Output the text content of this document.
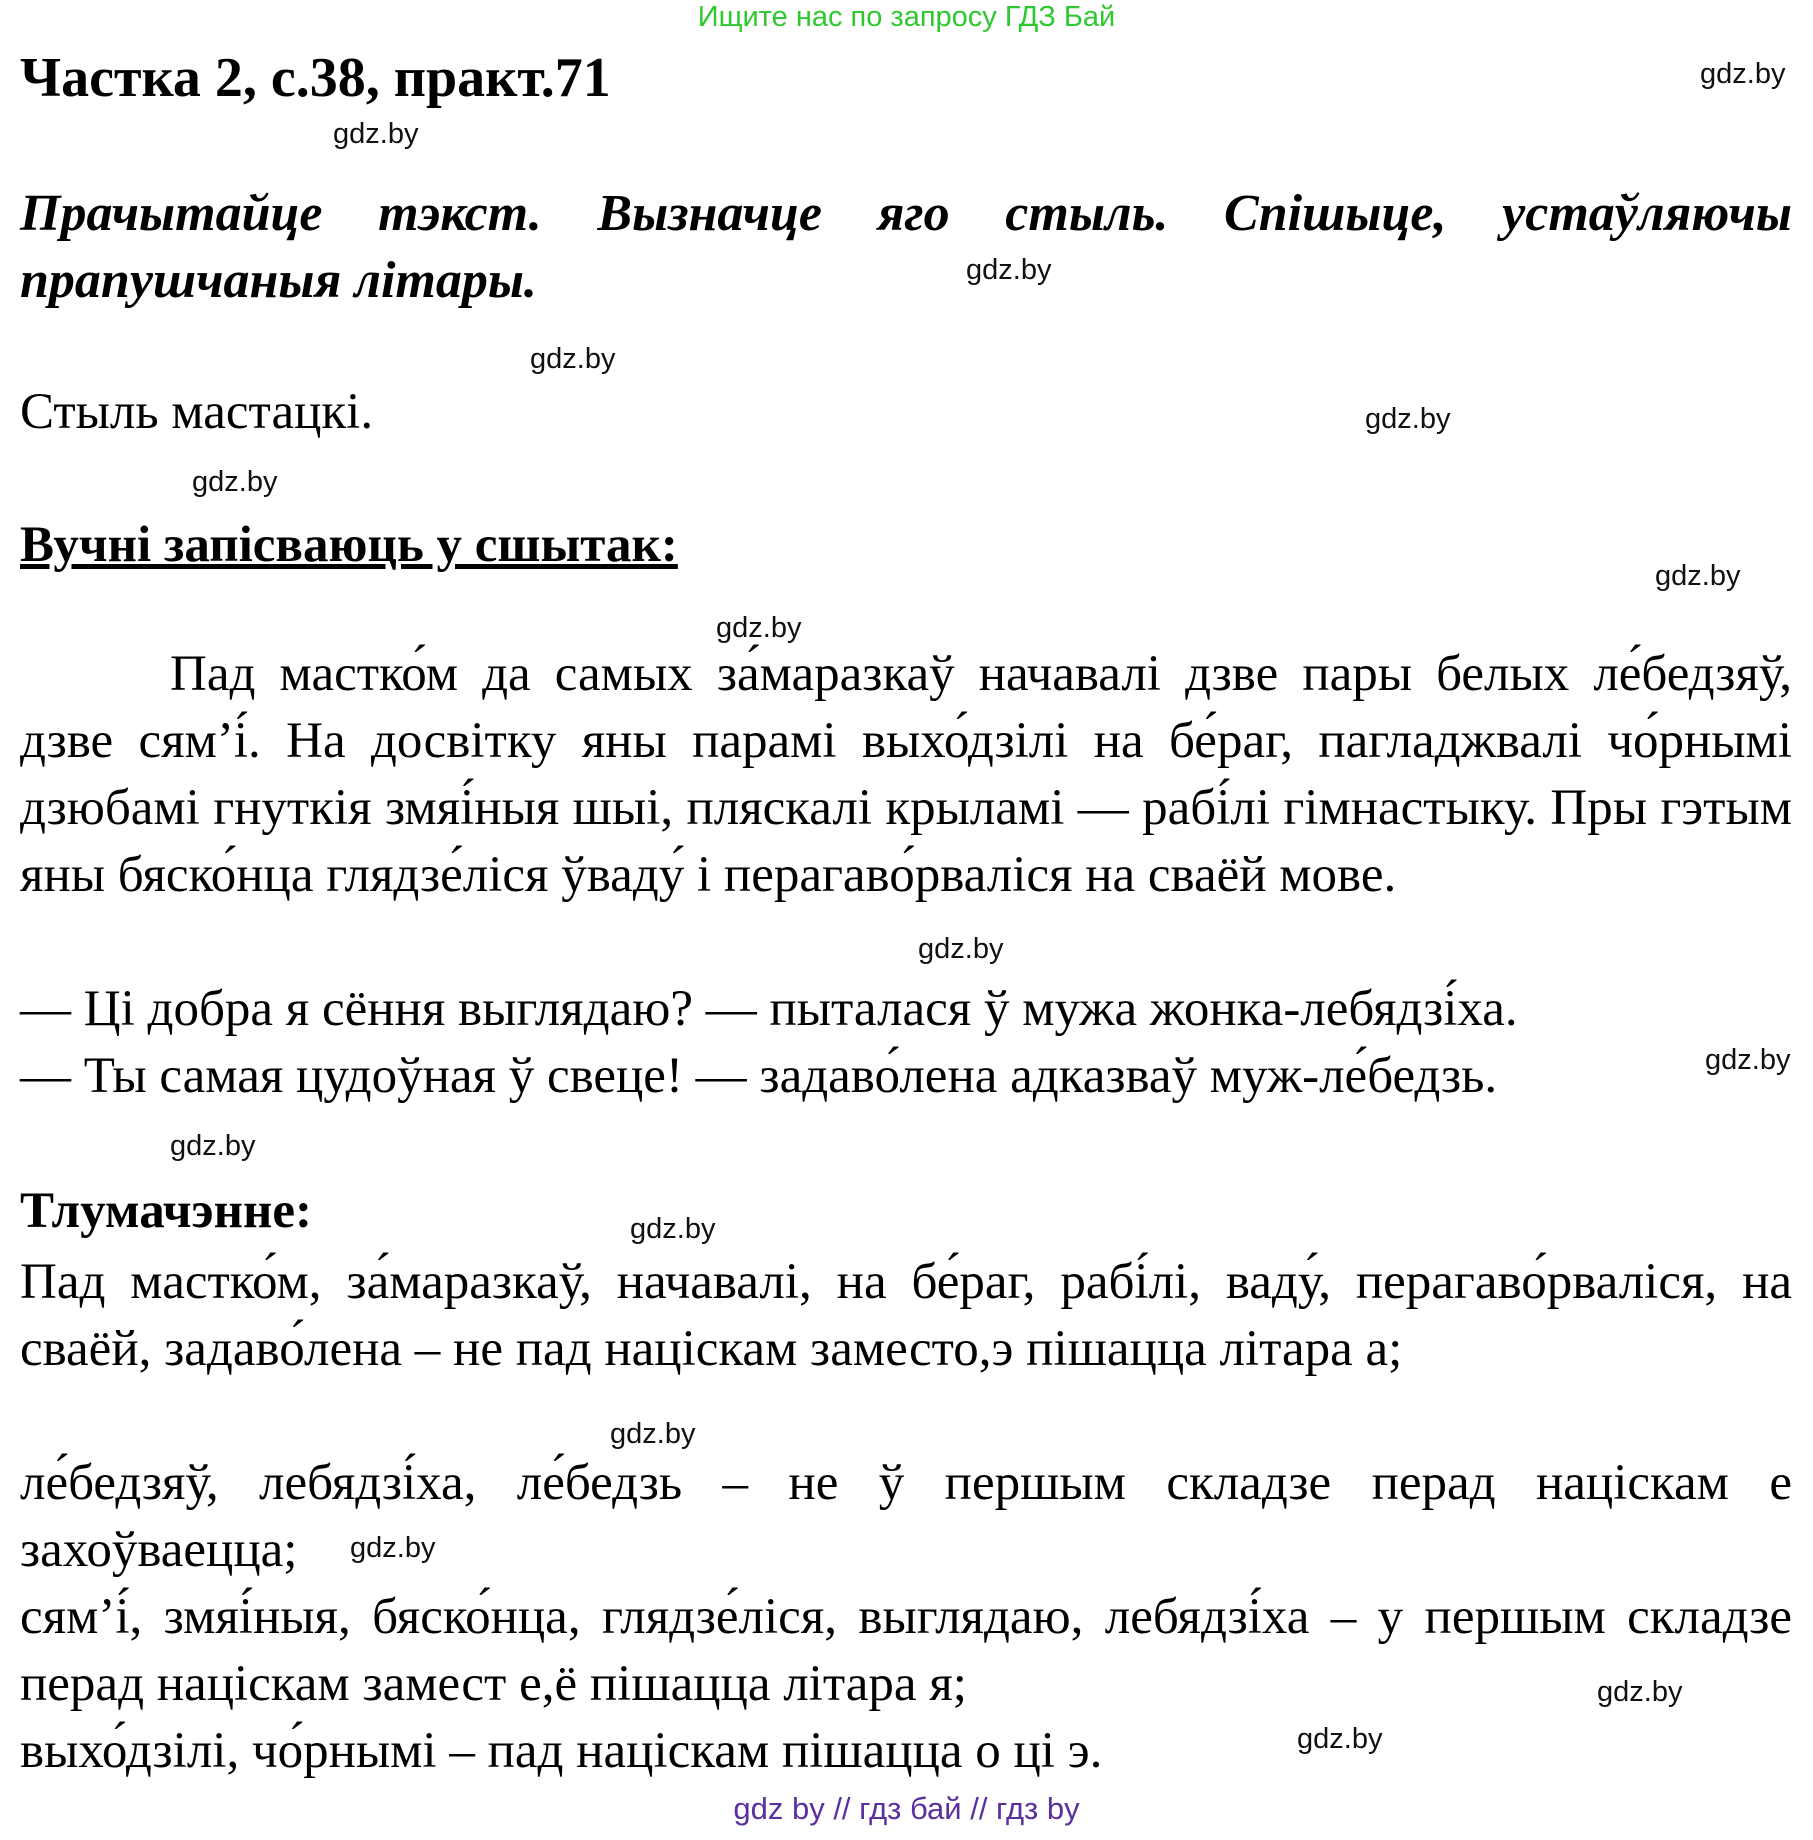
Ищите нас по запросу ГДЗ Бай
Частка 2, с.38, практ.71
Прачытайце тэкст. Вызначце яго стыль. Спішыце, устаўляючы прапушчаныя літары.
Стыль мастацкі.
Вучні запісваюць у сшытак:
Пад мастко́м да самых за́маразкаў начавалі дзве пары белых ле́бедзяў, дзве сям’і́. На досвітку яны парамі выхо́дзілі на бе́раг, пагладжвалі чо́рнымі дзюбамі гнуткія змяі́ныя шыі, пляскалі крыламі — рабі́лі гімнастыку. Пры гэтым яны бяско́нца глядзе́ліся ўваду́ і перагаво́рваліся на сваёй мове.
— Ці добра я сёння выглядаю? — пыталася ў мужа жонка-лебядзі́ха.
— Ты самая цудоўная ў свеце! — задаво́лена адказваў муж-ле́бедзь.
Тлумачэнне:
Пад мастко́м, за́маразкаў, начавалі, на бе́раг, рабі́лі, ваду́, перагаво́рваліся, на сваёй, задаво́лена – не пад націскам заместо,э пішацца літара а;
ле́бедзяў, лебядзі́ха, ле́бедзь – не ў першым складзе перад націскам е захоўваецца;
сям’і́, змяі́ныя, бяско́нца, глядзе́ліся, выглядаю, лебядзі́ха – у першым складзе перад націскам замест е,ё пішацца літара я;
выхо́дзілі, чо́рнымі – пад націскам пішацца о ці э.
gdz.by
gdz.by
gdz.by
gdz.by
gdz.by
gdz.by
gdz.by
gdz.by
gdz.by
gdz.by
gdz.by
gdz.by
gdz.by
gdz.by
gdz.by
gdz.by
gdz by // гдз бай // гдз by
